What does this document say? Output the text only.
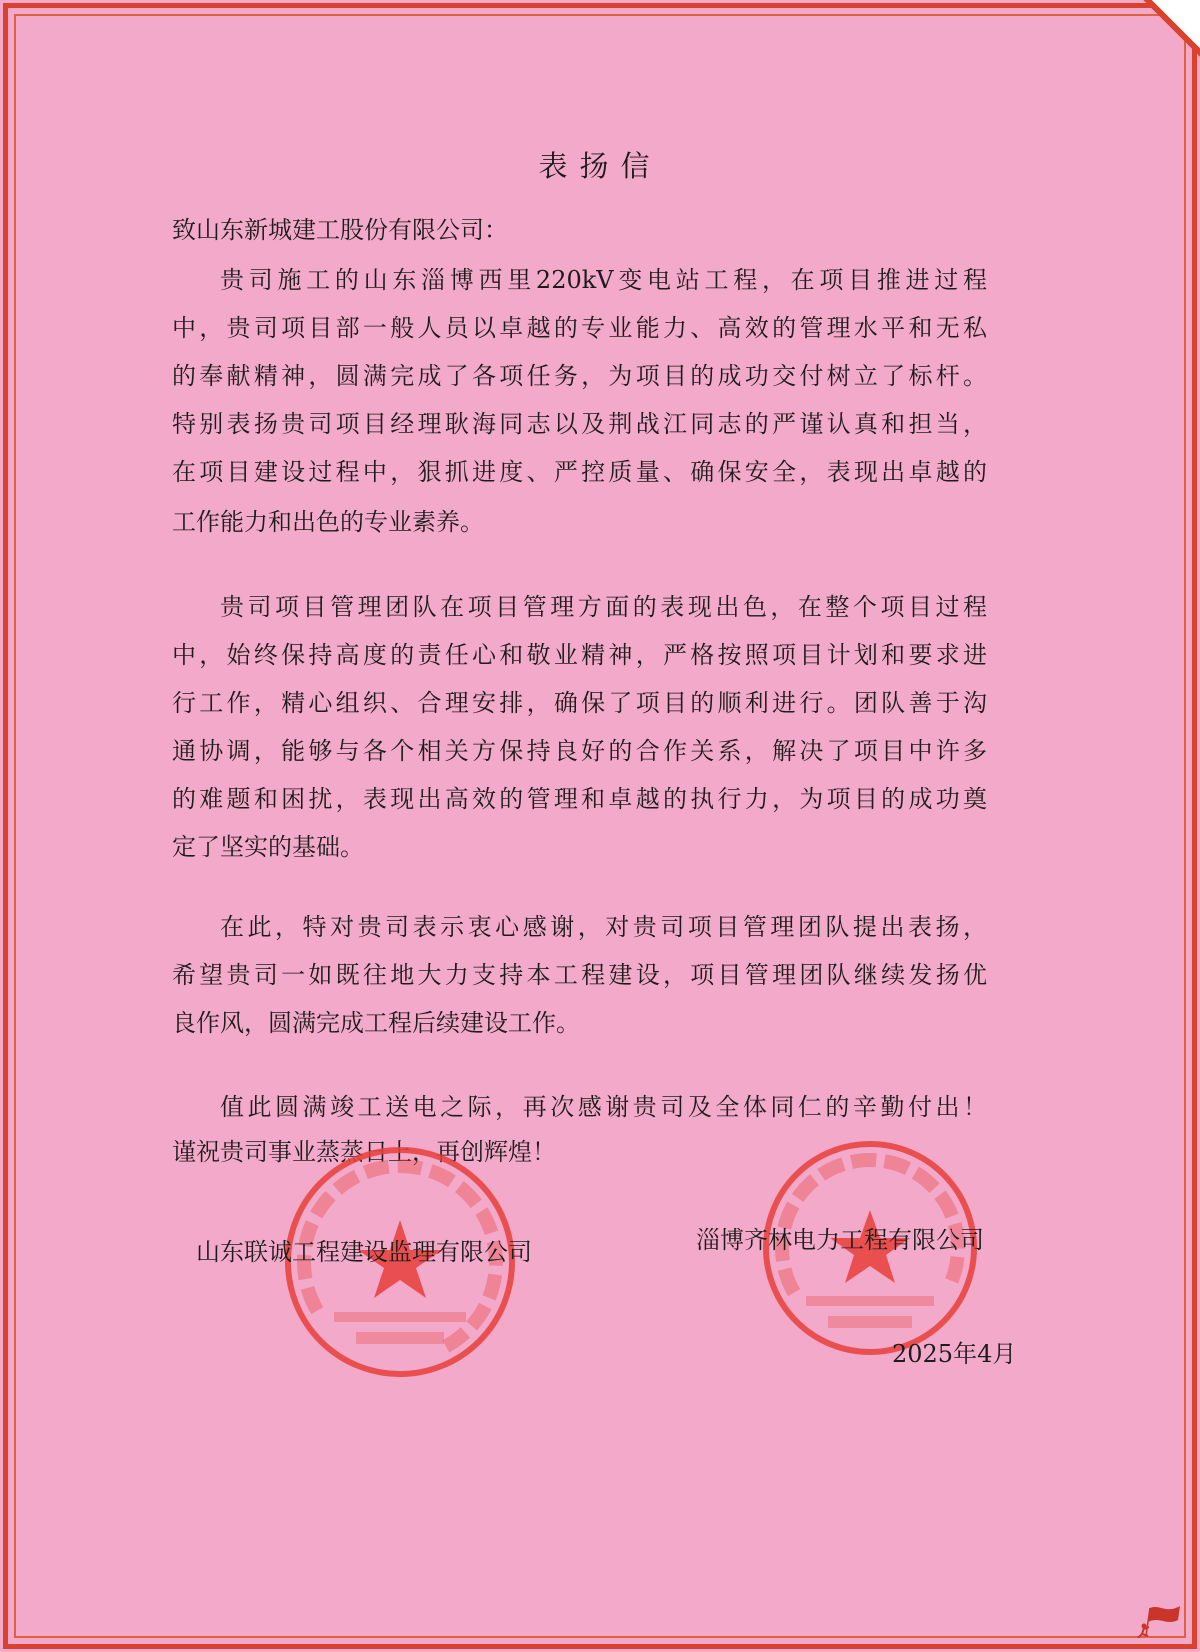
表扬信
致山东新城建工股份有限公司：
贵司施工的山东淄博西里220kV变电站工程，在项目推进过程
中，贵司项目部一般人员以卓越的专业能力、高效的管理水平和无私
的奉献精神，圆满完成了各项任务，为项目的成功交付树立了标杆。
特别表扬贵司项目经理耿海同志以及荆战江同志的严谨认真和担当，
在项目建设过程中，狠抓进度、严控质量、确保安全，表现出卓越的
工作能力和出色的专业素养。
贵司项目管理团队在项目管理方面的表现出色，在整个项目过程
中，始终保持高度的责任心和敬业精神，严格按照项目计划和要求进
行工作，精心组织、合理安排，确保了项目的顺利进行。团队善于沟
通协调，能够与各个相关方保持良好的合作关系，解决了项目中许多
的难题和困扰，表现出高效的管理和卓越的执行力，为项目的成功奠
定了坚实的基础。
在此，特对贵司表示衷心感谢，对贵司项目管理团队提出表扬，
希望贵司一如既往地大力支持本工程建设，项目管理团队继续发扬优
良作风，圆满完成工程后续建设工作。
值此圆满竣工送电之际，再次感谢贵司及全体同仁的辛勤付出！
谨祝贵司事业蒸蒸日上，再创辉煌！
山东联诚工程建设监理有限公司	淄博齐林电力工程有限公司
2025年4月
